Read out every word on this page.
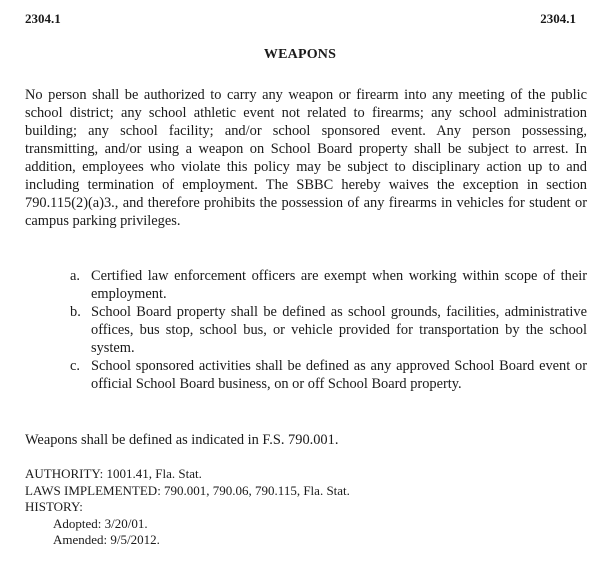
2304.1	2304.1
WEAPONS

No person shall be authorized to carry any weapon or firearm into any meeting of the public school district; any school athletic event not related to firearms; any school administration building; any school facility; and/or school sponsored event. Any person possessing, transmitting, and/or using a weapon on School Board property shall be subject to arrest. In addition, employees who violate this policy may be subject to disciplinary action up to and including termination of employment. The SBBC hereby waives the exception in section 790.115(2)(a)3., and therefore prohibits the possession of any firearms in vehicles for student or campus parking privileges.

a. Certified law enforcement officers are exempt when working within scope of their employment.
b. School Board property shall be defined as school grounds, facilities, administrative offices, bus stop, school bus, or vehicle provided for transportation by the school system.
c. School sponsored activities shall be defined as any approved School Board event or official School Board business, on or off School Board property.

Weapons shall be defined as indicated in F.S. 790.001.

AUTHORITY: 1001.41, Fla. Stat.
LAWS IMPLEMENTED: 790.001, 790.06, 790.115, Fla. Stat.
HISTORY:
Adopted: 3/20/01.
Amended: 9/5/2012.
